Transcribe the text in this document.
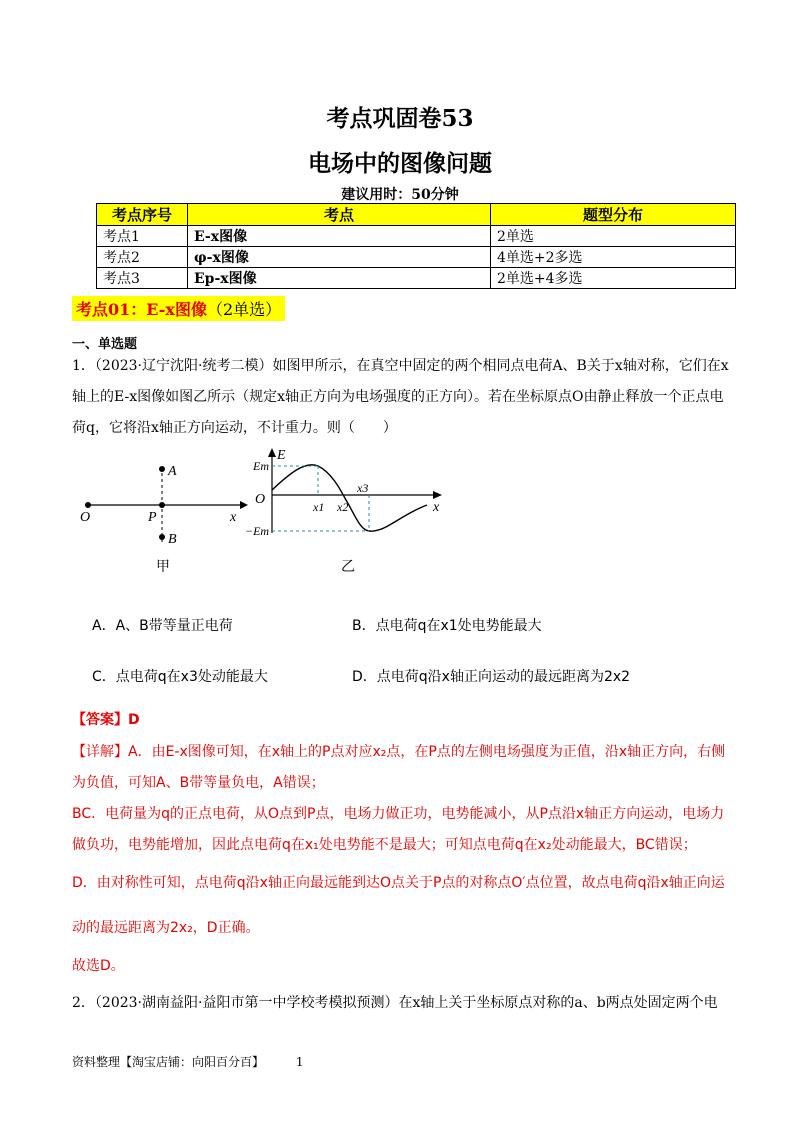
考点巩固卷53
电场中的图像问题
建议用时：50分钟
考点序号	考点	题型分布
考点1	E-x图像	2单选
考点2	φ-x图像	4单选+2多选
考点3	Ep-x图像	2单选+4多选
考点01：E-x图像（2单选）
一、单选题
1．（2023·辽宁沈阳·统考二模）如图甲所示，在真空中固定的两个相同点电荷A、B关于x轴对称，它们在x轴上的E-x图像如图乙所示（规定x轴正方向为电场强度的正方向）。若在坐标原点O由静止释放一个正点电荷q，它将沿x轴正方向运动，不计重力。则（　　）
A
O	P	x
B
甲
E
Em
O	x1 x2
x3
x
−Em
乙
A．A、B带等量正电荷	B．点电荷q在x1处电势能最大
C．点电荷q在x3处动能最大	D．点电荷q沿x轴正向运动的最远距离为2x2
【答案】D
【详解】A．由E-x图像可知，在x轴上的P点对应x₂点，在P点的左侧电场强度为正值，沿x轴正方向，右侧为负值，可知A、B带等量负电，A错误；
BC．电荷量为q的正点电荷，从O点到P点，电场力做正功，电势能减小，从P点沿x轴正方向运动，电场力做负功，电势能增加，因此点电荷q在x₁处电势能不是最大；可知点电荷q在x₂处动能最大，BC错误；
D．由对称性可知，点电荷q沿x轴正向最远能到达O点关于P点的对称点O′点位置，故点电荷q沿x轴正向运动的最远距离为2x₂，D正确。
故选D。
2．（2023·湖南益阳·益阳市第一中学校考模拟预测）在x轴上关于坐标原点对称的a、b两点处固定两个电
资料整理【淘宝店铺：向阳百分百】	1
